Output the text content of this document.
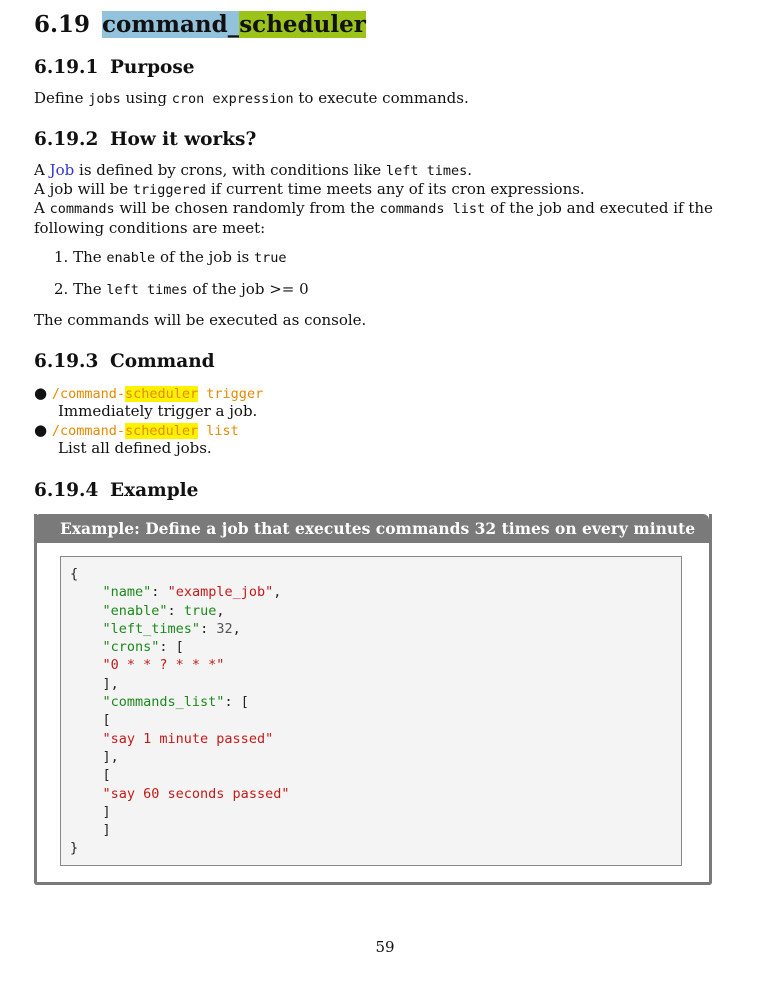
6.19 command_scheduler
6.19.1 Purpose

Define jobs using cron expression to execute commands.

6.19.2 How it works?

A Job is defined by crons, with conditions like left times.

A job will be triggered if current time meets any of its cron expressions.

A commands will be chosen randomly from the commands list of the job and executed if the following conditions are meet:

1. The enable of the job is true
2. The left times of the job >= 0

The commands will be executed as console.

6.19.3 Command
● /command-scheduler trigger
Immediately trigger a job.
● /command-scheduler list
List all defined jobs.
6.19.4 Example
Example: Define a job that executes commands 32 times on every minute
{
"name": "example_job",
"enable": true,
"left_times": 32,
"crons": [
"0 * * ? * * *"
],
"commands_list": [
[
"say 1 minute passed"
],
[
"say 60 seconds passed"
]
]
}
59
